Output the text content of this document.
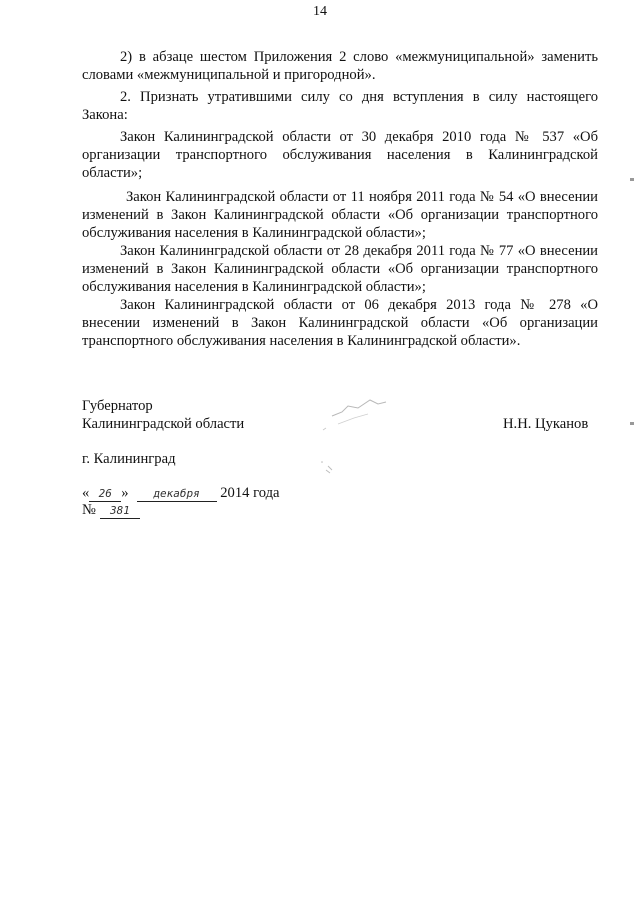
14

2) в абзаце шестом Приложения 2 слово «межмуниципальной» заменить словами «межмуниципальной и пригородной».

2. Признать утратившими силу со дня вступления в силу настоящего Закона:

Закон Калининградской области от 30 декабря 2010 года № 537 «Об организации транспортного обслуживания населения в Калининградской области»;

Закон Калининградской области от 11 ноября 2011 года № 54 «О внесении изменений в Закон Калининградской области «Об организации транспортного обслуживания населения в Калининградской области»;

Закон Калининградской области от 28 декабря 2011 года № 77 «О внесении изменений в Закон Калининградской области «Об организации транспортного обслуживания населения в Калининградской области»;

Закон Калининградской области от 06 декабря 2013 года № 278 «О внесении изменений в Закон Калининградской области «Об организации транспортного обслуживания населения в Калининградской области».

Губернатор
Калининградской области	Н.Н. Цуканов
г. Калининград
« 26 » декабря 2014 года
№ 381
